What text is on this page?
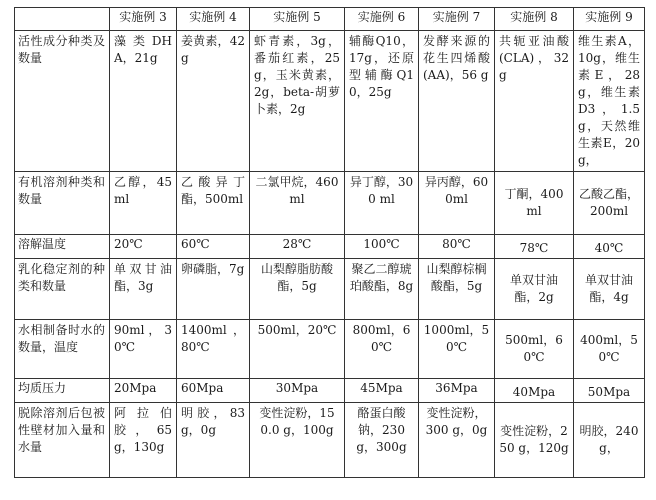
	实施例 3	实施例 4	实施例 5	实施例 6	实施例 7	实施例 8	实施例 9
活性成分种类及数量	藻类DHA，21g	姜黄素，42g	虾青素，3g，番茄红素，25g，玉米黄素，2g，beta-胡萝卜素，2g	辅酶Q10，17g，还原型辅酶Q10，25g	发酵来源的花生四烯酸(AA)，56 g	共轭亚油酸(CLA)，32g	维生素A，10g，维生素E，28 g，维生素D3，1.5 g，天然维生素E，20 g，
有机溶剂种类和数量	乙醇，45ml	乙酸异丁酯，500ml	二氯甲烷，460 ml	异丁醇，300 ml	异丙醇，600ml	丁酮，400ml	乙酸乙酯，200ml
溶解温度	20℃	60℃	28℃	100℃	80℃	78℃	40℃
乳化稳定剂的种类和数量	单双甘油酯，3g	卵磷脂，7g	山梨醇脂肪酸酯，5g	聚乙二醇琥珀酸酯，8g	山梨醇棕榈酸酯，5g	单双甘油酯，2g	单双甘油酯，4g
水相制备时水的数量，温度	90ml，30℃	1400ml，80℃	500ml，20℃	800ml，60℃	1000ml，50℃	500ml，60℃	400ml，50℃
均质压力	20Mpa	60Mpa	30Mpa	45Mpa	36Mpa	40Mpa	50Mpa
脱除溶剂后包被性壁材加入量和水量	阿拉伯胶，65 g，130g	明胶，83 g，0g	变性淀粉，150.0 g，100g	酪蛋白酸钠，230 g，300g	变性淀粉，300 g，0g	变性淀粉，250 g，120g	明胶，240 g，
